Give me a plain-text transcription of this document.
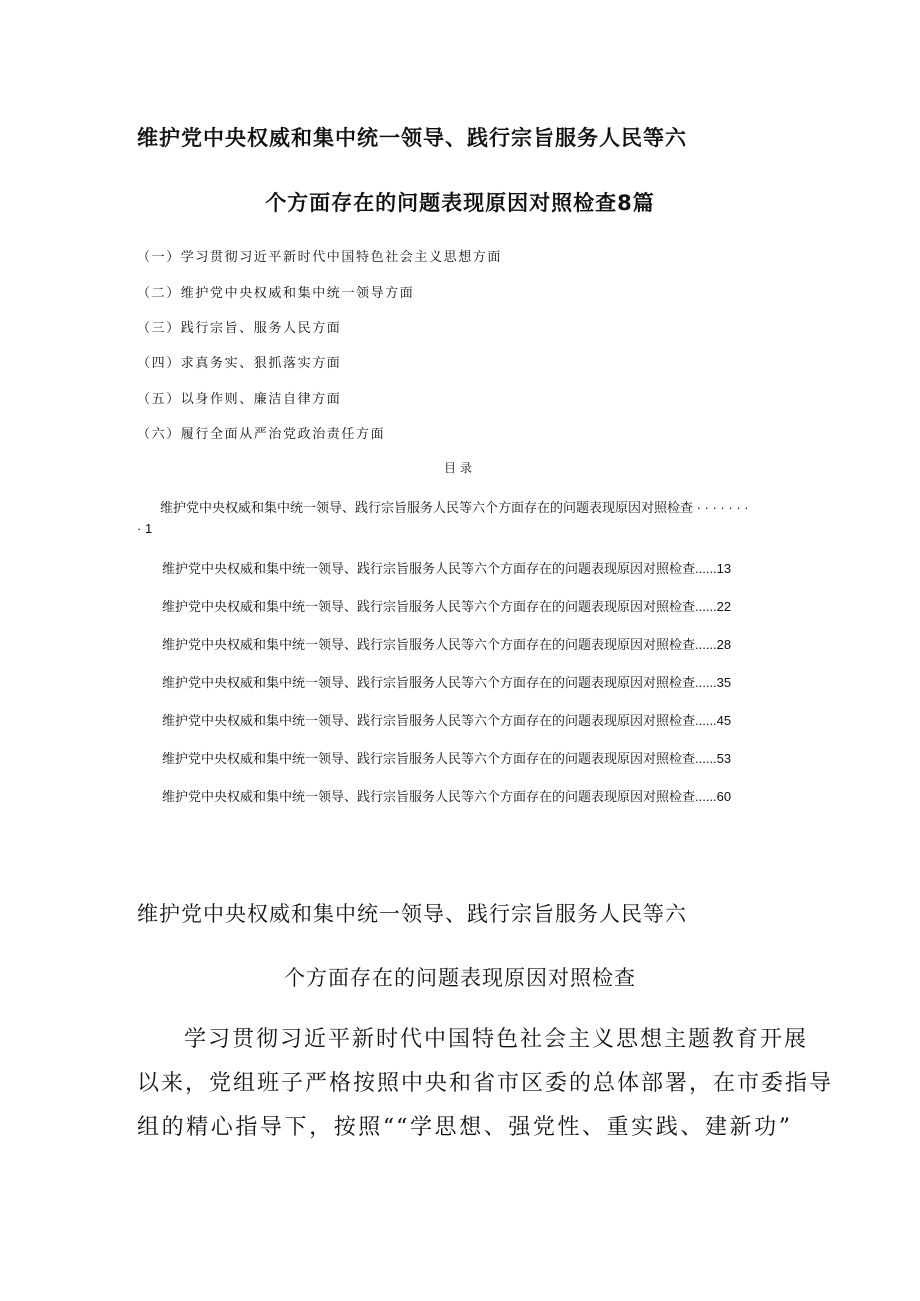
维护党中央权威和集中统一领导、践行宗旨服务人民等六
个方面存在的问题表现原因对照检查8篇
（一）学习贯彻习近平新时代中国特色社会主义思想方面
（二）维护党中央权威和集中统一领导方面
（三）践行宗旨、服务人民方面
（四）求真务实、狠抓落实方面
（五）以身作则、廉洁自律方面
（六）履行全面从严治党政治责任方面
目录
维护党中央权威和集中统一领导、践行宗旨服务人民等六个方面存在的问题表现原因对照检查 · · · · · · ·
· 1
维护党中央权威和集中统一领导、践行宗旨服务人民等六个方面存在的问题表现原因对照检查......13
维护党中央权威和集中统一领导、践行宗旨服务人民等六个方面存在的问题表现原因对照检查......22
维护党中央权威和集中统一领导、践行宗旨服务人民等六个方面存在的问题表现原因对照检查......28
维护党中央权威和集中统一领导、践行宗旨服务人民等六个方面存在的问题表现原因对照检查......35
维护党中央权威和集中统一领导、践行宗旨服务人民等六个方面存在的问题表现原因对照检查......45
维护党中央权威和集中统一领导、践行宗旨服务人民等六个方面存在的问题表现原因对照检查......53
维护党中央权威和集中统一领导、践行宗旨服务人民等六个方面存在的问题表现原因对照检查......60
维护党中央权威和集中统一领导、践行宗旨服务人民等六
个方面存在的问题表现原因对照检查
学习贯彻习近平新时代中国特色社会主义思想主题教育开展
以来，党组班子严格按照中央和省市区委的总体部署，在市委指导
组的精心指导下，按照““学思想、强党性、重实践、建新功”
